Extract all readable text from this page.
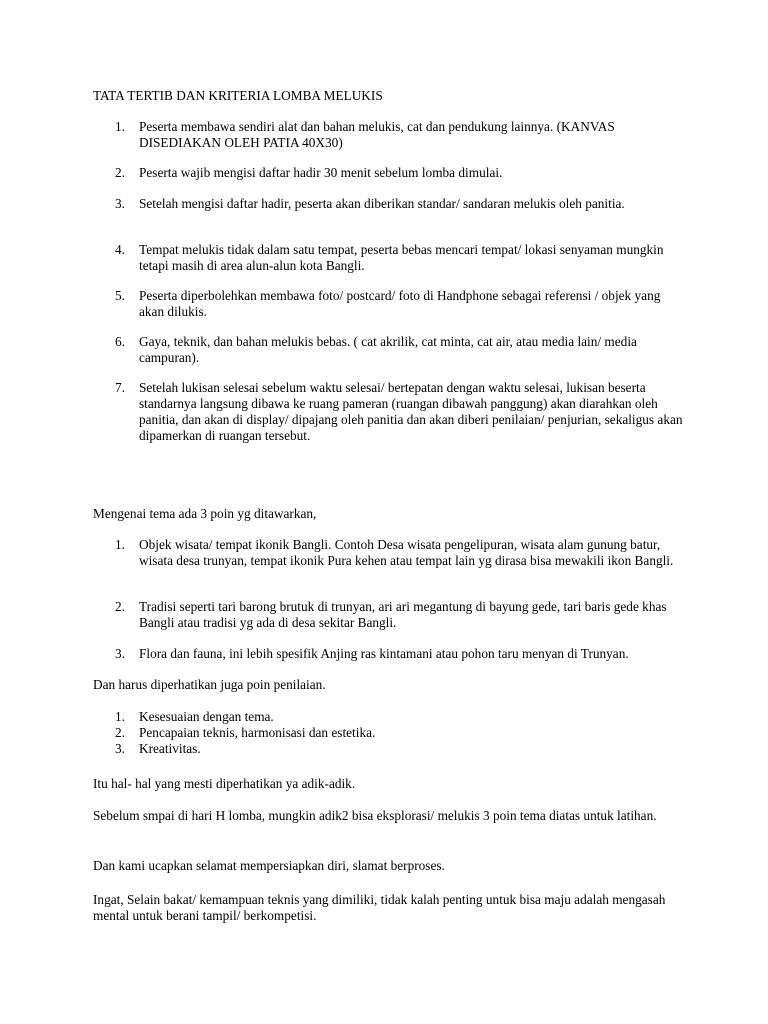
TATA TERTIB DAN KRITERIA LOMBA MELUKIS

1.	Peserta membawa sendiri alat dan bahan melukis, cat dan pendukung lainnya. (KANVAS DISEDIAKAN OLEH PATIA 40X30)
2.	Peserta wajib mengisi daftar hadir 30 menit sebelum lomba dimulai.
3.	Setelah mengisi daftar hadir, peserta akan diberikan standar/ sandaran melukis oleh panitia.
4.	Tempat melukis tidak dalam satu tempat, peserta bebas mencari tempat/ lokasi senyaman mungkin tetapi masih di area alun-alun kota Bangli.
5.	Peserta diperbolehkan membawa foto/ postcard/ foto di Handphone sebagai referensi / objek yang akan dilukis.
6.	Gaya, teknik, dan bahan melukis bebas. ( cat akrilik, cat minta, cat air, atau media lain/ media campuran).
7.	Setelah lukisan selesai sebelum waktu selesai/ bertepatan dengan waktu selesai, lukisan beserta standarnya langsung dibawa ke ruang pameran (ruangan dibawah panggung) akan diarahkan oleh panitia, dan akan di display/ dipajang oleh panitia dan akan diberi penilaian/ penjurian, sekaligus akan dipamerkan di ruangan tersebut.

Mengenai tema ada 3 poin yg ditawarkan,

1.	Objek wisata/ tempat ikonik Bangli. Contoh Desa wisata pengelipuran, wisata alam gunung batur, wisata desa trunyan, tempat ikonik Pura kehen atau tempat lain yg dirasa bisa mewakili ikon Bangli.
2.	Tradisi seperti tari barong brutuk di trunyan, ari ari megantung di bayung gede, tari baris gede khas Bangli atau tradisi yg ada di desa sekitar Bangli.
3.	Flora dan fauna, ini lebih spesifik Anjing ras kintamani atau pohon taru menyan di Trunyan.

Dan harus diperhatikan juga poin penilaian.

1.	Kesesuaian dengan tema.
2.	Pencapaian teknis, harmonisasi dan estetika.
3.	Kreativitas.

Itu hal- hal yang mesti diperhatikan ya adik-adik.

Sebelum smpai di hari H lomba, mungkin adik2 bisa eksplorasi/ melukis 3 poin tema diatas untuk latihan.

Dan kami ucapkan selamat mempersiapkan diri, slamat berproses.

Ingat, Selain bakat/ kemampuan teknis yang dimiliki, tidak kalah penting untuk bisa maju adalah mengasah mental untuk berani tampil/ berkompetisi.
